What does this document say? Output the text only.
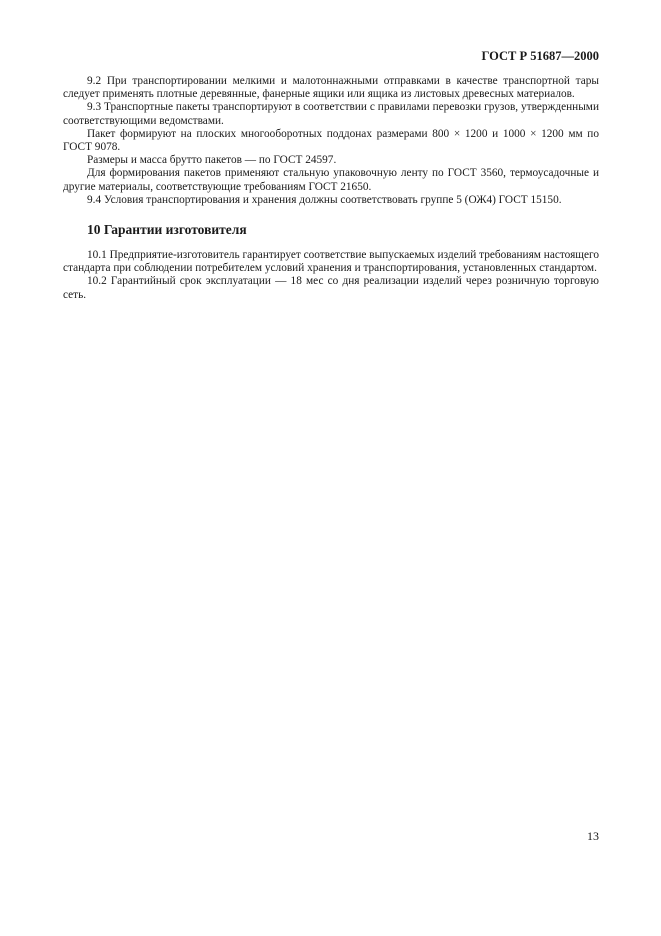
ГОСТ Р 51687—2000

9.2 При транспортировании мелкими и малотоннажными отправками в качестве транспортной тары следует применять плотные деревянные, фанерные ящики или ящика из листовых древесных материалов.

9.3 Транспортные пакеты транспортируют в соответствии с правилами перевозки грузов, утвержденными соответствующими ведомствами.

Пакет формируют на плоских многооборотных поддонах размерами 800 × 1200 и 1000 × 1200 мм по ГОСТ 9078.

Размеры и масса брутто пакетов — по ГОСТ 24597.

Для формирования пакетов применяют стальную упаковочную ленту по ГОСТ 3560, термоусадочные и другие материалы, соответствующие требованиям ГОСТ 21650.

9.4 Условия транспортирования и хранения должны соответствовать группе 5 (ОЖ4) ГОСТ 15150.

10 Гарантии изготовителя

10.1 Предприятие-изготовитель гарантирует соответствие выпускаемых изделий требованиям настоящего стандарта при соблюдении потребителем условий хранения и транспортирования, установленных стандартом.

10.2 Гарантийный срок эксплуатации — 18 мес со дня реализации изделий через розничную торговую сеть.

13
